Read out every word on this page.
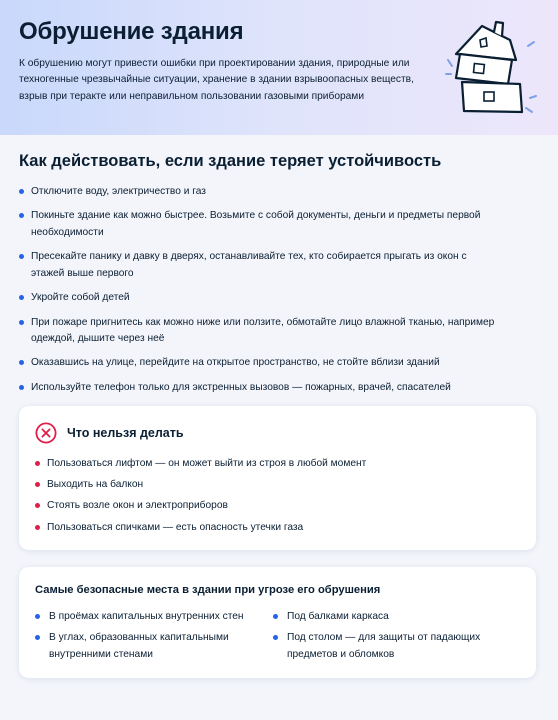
Обрушение здания

К обрушению могут привести ошибки при проектировании здания, природные или техногенные чрезвычайные ситуации, хранение в здании взрывоопасных веществ, взрыв при теракте или неправильном пользовании газовыми приборами

Как действовать, если здание теряет устойчивость
Отключите воду, электричество и газ
Покиньте здание как можно быстрее. Возьмите с собой документы, деньги и предметы первой необходимости
Пресекайте панику и давку в дверях, останавливайте тех, кто собирается прыгать из окон с этажей выше первого
Укройте собой детей
При пожаре пригнитесь как можно ниже или ползите, обмотайте лицо влажной тканью, например одеждой, дышите через неё
Оказавшись на улице, перейдите на открытое пространство, не стойте вблизи зданий
Используйте телефон только для экстренных вызовов — пожарных, врачей, спасателей
Что нельзя делать
Пользоваться лифтом — он может выйти из строя в любой момент
Выходить на балкон
Стоять возле окон и электроприборов
Пользоваться спичками — есть опасность утечки газа
Самые безопасные места в здании при угрозе его обрушения
В проёмах капитальных внутренних стен
В углах, образованных капитальными внутренними стенами
Под балками каркаса
Под столом — для защиты от падающих предметов и обломков
